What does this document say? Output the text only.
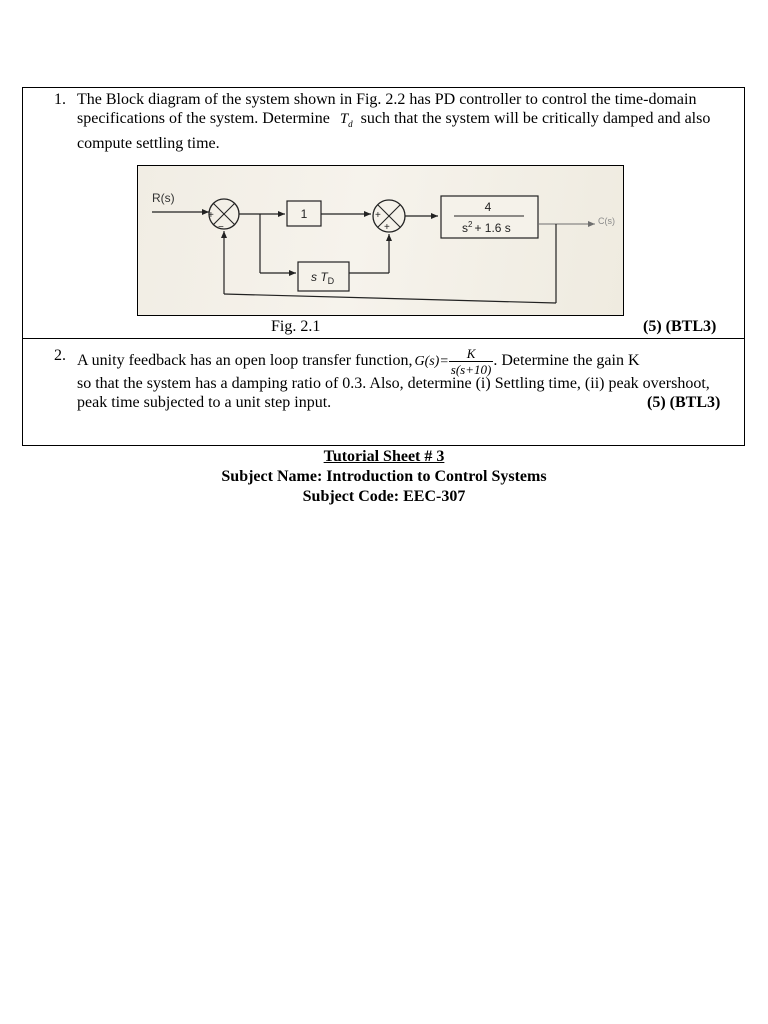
1. The Block diagram of the system shown in Fig. 2.2 has PD controller to control the time-domain specifications of the system. Determine $T_d$ such that the system will be critically damped and also compute settling time.
R(s)
+
−
1	+
+
4
$s^2 + 1.6$ s	C(s)
s $T_D$
Fig. 2.1	(5) (BTL3)
2. A unity feedback has an open loop transfer function, $G(s)= \frac{K}{s(s+10)}$ . Determine the gain K
so that the system has a damping ratio of 0.3. Also, determine (i) Settling time, (ii) peak overshoot, peak time subjected to a unit step input.	(5) (BTL3)
Tutorial Sheet # 3
Subject Name: Introduction to Control Systems
Subject Code: EEC-307
